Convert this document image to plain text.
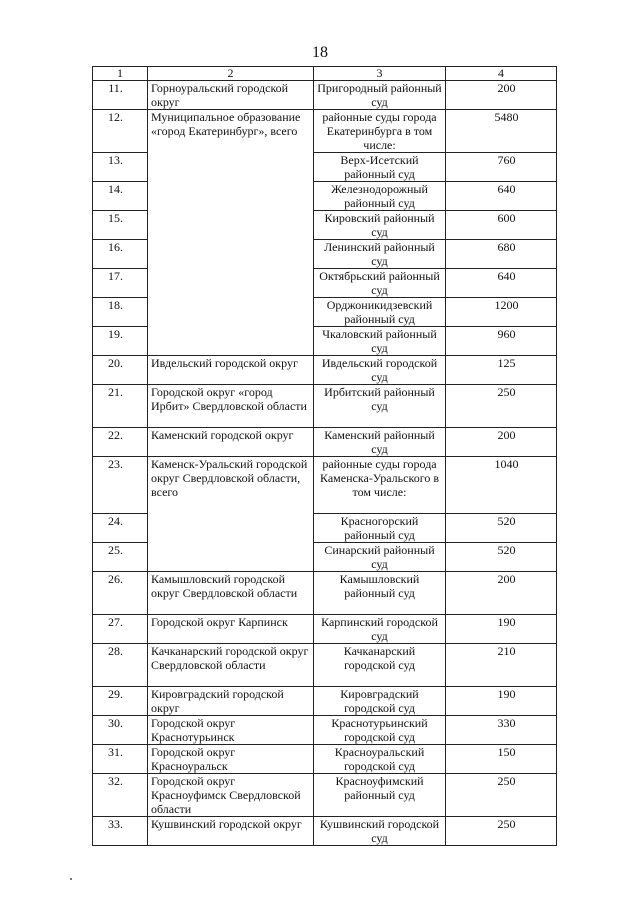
18
1	2	3	4
11.	Горноуральский городской округ	Пригородный районный суд	200
12.	Муниципальное образование «город Екатеринбург», всего	районные суды города Екатеринбурга в том числе:	5480
13.		Верх-Исетский районный суд	760
14.		Железнодорожный районный суд	640
15.		Кировский районный суд	600
16.		Ленинский районный суд	680
17.		Октябрьский районный суд	640
18.		Орджоникидзевский районный суд	1200
19.		Чкаловский районный суд	960
20.	Ивдельский городской округ	Ивдельский городской суд	125
21.	Городской округ «город Ирбит» Свердловской области	Ирбитский районный суд	250
22.	Каменский городской округ	Каменский районный суд	200
23.	Каменск-Уральский городской округ Свердловской области, всего	районные суды города Каменска-Уральского в том числе:	1040
24.		Красногорский районный суд	520
25.		Синарский районный суд	520
26.	Камышловский городской округ Свердловской области	Камышловский районный суд	200
27.	Городской округ Карпинск	Карпинский городской суд	190
28.	Качканарский городской округ Свердловской области	Качканарский городской суд	210
29.	Кировградский городской округ	Кировградский городской суд	190
30.	Городской округ Краснотурьинск	Краснотурьинский городской суд	330
31.	Городской округ Красноуральск	Красноуральский городской суд	150
32.	Городской округ Красноуфимск Свердловской области	Красноуфимский районный суд	250
33.	Кушвинский городской округ	Кушвинский городской суд	250
